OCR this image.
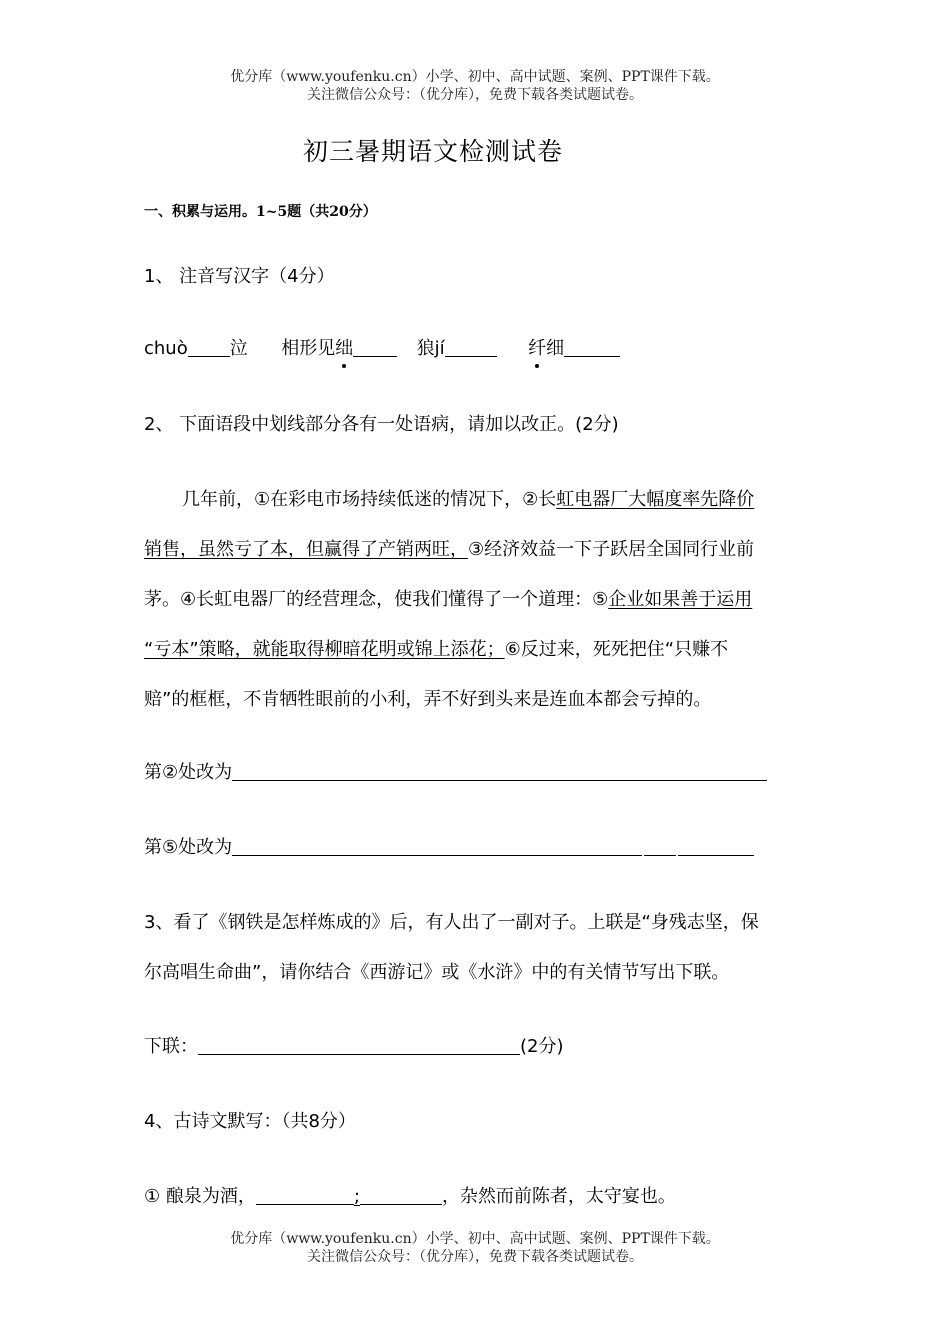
优分库（www.youfenku.cn）小学、初中、高中试题、案例、PPT课件下载。
关注微信公众号：（优分库），免费下载各类试题试卷。
初三暑期语文检测试卷
一、积累与运用。1~5题（共20分）
1、 注音写汉字（4分）
chuò 泣 相形见绌	狼jí	纤细
2、 下面语段中划线部分各有一处语病，请加以改正。(2分)
几年前，①在彩电市场持续低迷的情况下，②长虹电器厂大幅度率先降价
销售，虽然亏了本，但赢得了产销两旺，③经济效益一下子跃居全国同行业前
茅。④长虹电器厂的经营理念，使我们懂得了一个道理：⑤企业如果善于运用
“亏本”策略，就能取得柳暗花明或锦上添花；⑥反过来，死死把住“只赚不
赔”的框框，不肯牺牲眼前的小利，弄不好到头来是连血本都会亏掉的。
第②处改为
第⑤处改为
3、看了《钢铁是怎样炼成的》后，有人出了一副对子。上联是“身残志坚，保
尔高唱生命曲”，请你结合《西游记》或《水浒》中的有关情节写出下联。
下联：	(2分)
4、古诗文默写：（共8分）
① 酿泉为酒，	;	，杂然而前陈者，太守宴也。
优分库（www.youfenku.cn）小学、初中、高中试题、案例、PPT课件下载。
关注微信公众号：（优分库），免费下载各类试题试卷。
